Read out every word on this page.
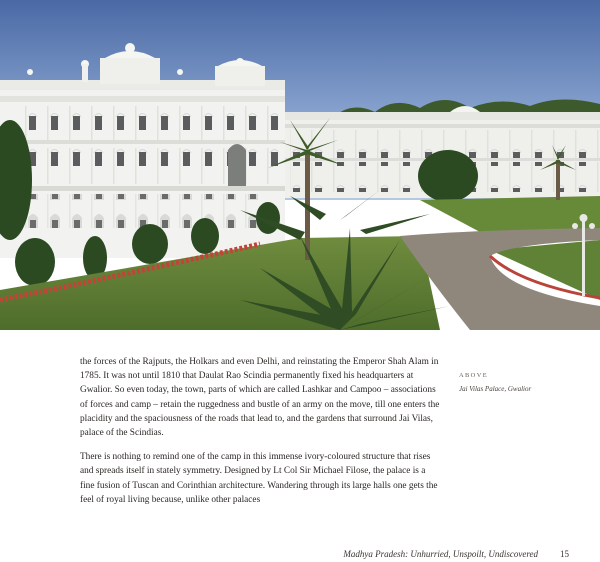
the forces of the Rajputs, the Holkars and even Delhi, and reinstating the Emperor Shah Alam in 1785. It was not until 1810 that Daulat Rao Scindia permanently fixed his headquarters at Gwalior. So even today, the town, parts of which are called Lashkar and Campoo – associations of forces and camp – retain the ruggedness and bustle of an army on the move, till one enters the placidity and the spaciousness of the roads that lead to, and the gardens that surround Jai Vilas, palace of the Scindias.

There is nothing to remind one of the camp in this immense ivory-coloured structure that rises and spreads itself in stately symmetry. Designed by Lt Col Sir Michael Filose, the palace is a fine fusion of Tuscan and Corinthian architecture. Wandering through its large halls one gets the feel of royal living because, unlike other palaces

ABOVE
Jai Vilas Palace, Gwalior
Madhya Pradesh: Unhurried, Unspoilt, Undiscovered 15
